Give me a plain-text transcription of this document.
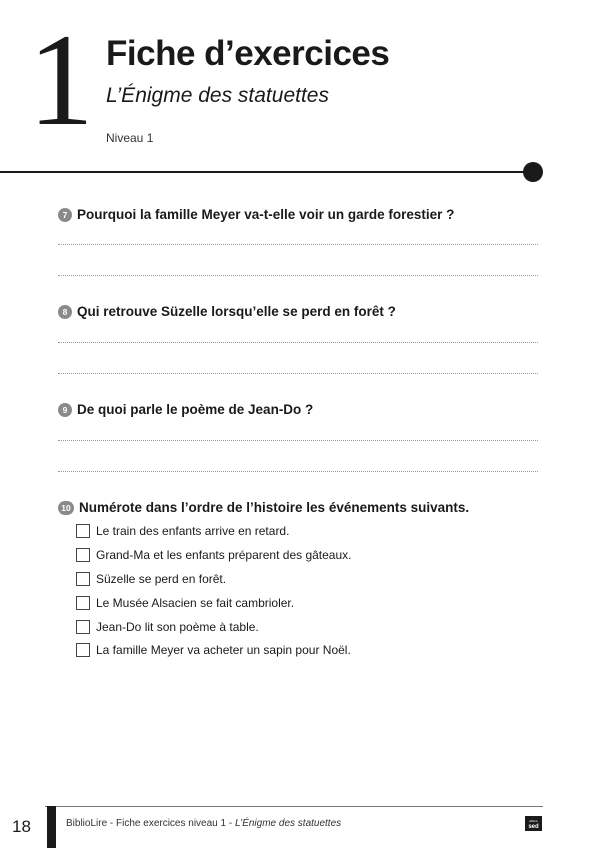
1 Fiche d’exercices
L’Énigme des statuettes
Niveau 1
7 Pourquoi la famille Meyer va-t-elle voir un garde forestier ?
8 Qui retrouve Süzelle lorsqu’elle se perd en forêt ?
9 De quoi parle le poème de Jean-Do ?
10 Numérote dans l’ordre de l’histoire les événements suivants.
Le train des enfants arrive en retard.
Grand-Ma et les enfants préparent des gâteaux.
Süzelle se perd en forêt.
Le Musée Alsacien se fait cambrioler.
Jean-Do lit son poème à table.
La famille Meyer va acheter un sapin pour Noël.
18	BiblioLire - Fiche exercices niveau 1 - L’Énigme des statuettes	éditions
sed
